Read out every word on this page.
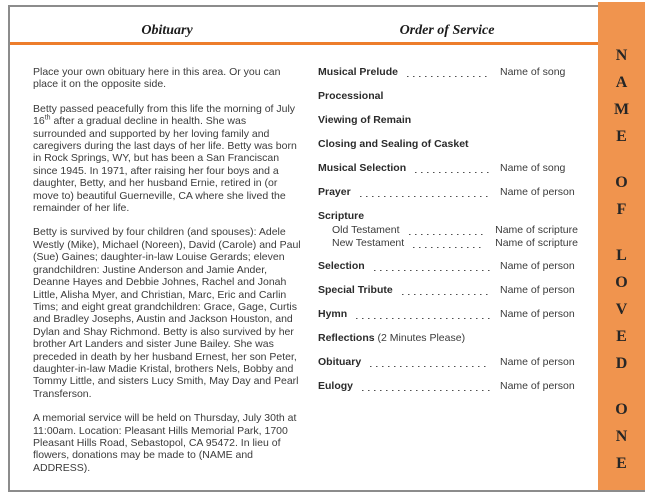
Obituary	Order of Service

Place your own obituary here in this area. Or you can place it on the opposite side.

Betty passed peacefully from this life the morning of July 16th after a gradual decline in health. She was surrounded and supported by her loving family and caregivers during the last days of her life. Betty was born in Rock Springs, WY, but has been a San Franciscan since 1945. In 1971, after raising her four boys and a daughter, Betty, and her husband Ernie, retired in (or move to) beautiful Guerneville, CA where she lived the remainder of her life.

Betty is survived by four children (and spouses): Adele Westly (Mike), Michael (Noreen), David (Carole) and Paul (Sue) Gaines; daughter-in-law Louise Gerards; eleven grandchildren: Justine Anderson and Jamie Ander, Deanne Hayes and Debbie Johnes, Rachel and Jonah Little, Alisha Myer, and Christian, Marc, Eric and Carlin Tims; and eight great grandchildren: Grace, Gage, Curtis and Bradley Josephs, Austin and Jackson Houston, and Dylan and Shay Richmond. Betty is also survived by her brother Art Landers and sister June Bailey. She was preceded in death by her husband Ernest, her son Peter, daughter-in-law Madie Kristal, brothers Nels, Bobby and Tommy Little, and sisters Lucy Smith, May Day and Pearl Transferson.

A memorial service will be held on Thursday, July 30th at 11:00am. Location: Pleasant Hills Memorial Park, 1700 Pleasant Hills Road, Sebastopol, CA 95472. In lieu of flowers, donations may be made to (NAME and ADDRESS).

Musical Prelude	Name of song
Processional
Viewing of Remain
Closing and Sealing of Casket
Musical Selection	Name of song
Prayer	Name of person
Scripture
Old Testament	Name of scripture
New Testament	Name of scripture
Selection	Name of person
Special Tribute	Name of person
Hymn	Name of person
Reflections (2 Minutes Please)
Obituary	Name of person
Eulogy	Name of person
N
A
M
E
O
F
L
O
V
E
D
O
N
E
